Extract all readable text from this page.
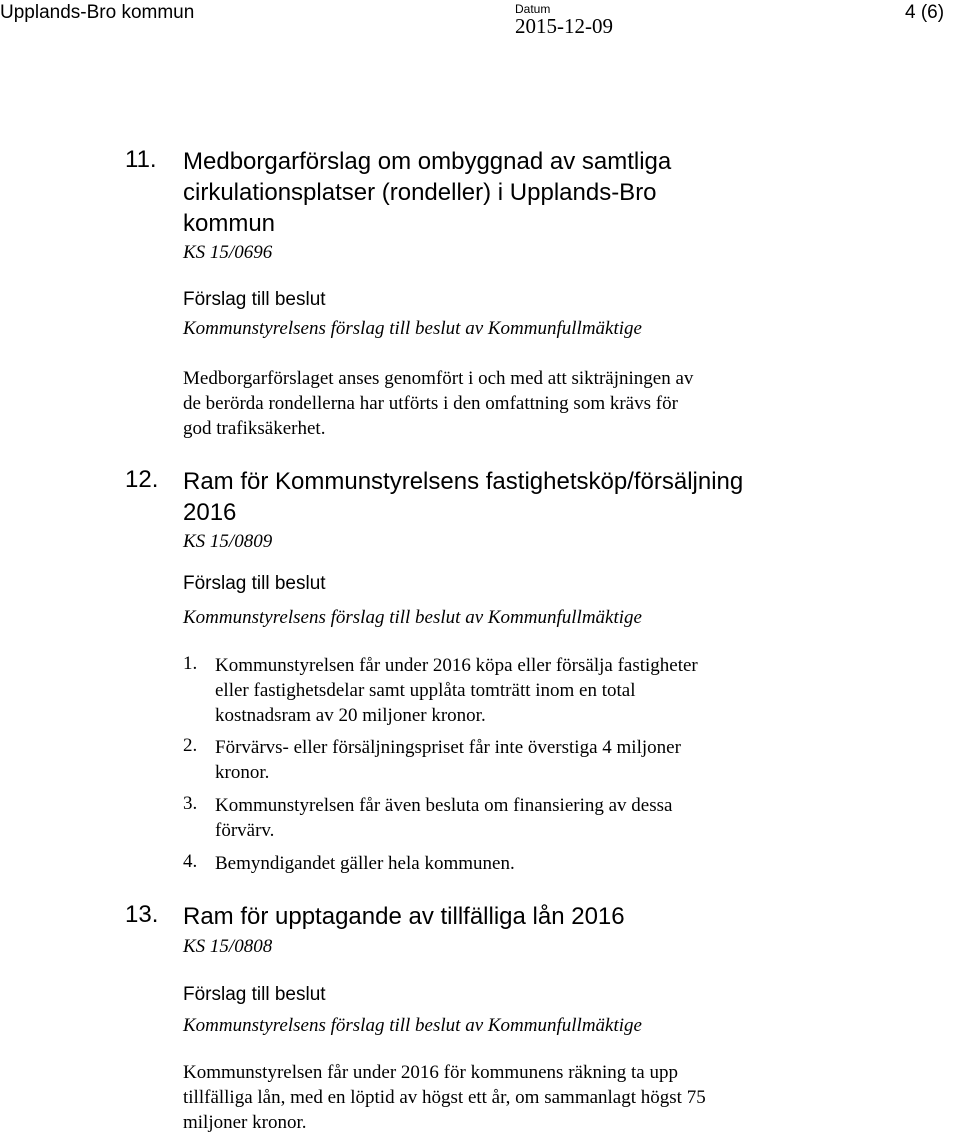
Upplands-Bro kommun	Datum
2015-12-09
4 (6)
11. Medborgarförslag om ombyggnad av samtliga
cirkulationsplatser (rondeller) i Upplands-Bro
kommun
KS 15/0696
Förslag till beslut
Kommunstyrelsens förslag till beslut av Kommunfullmäktige
Medborgarförslaget anses genomfört i och med att sikträjningen av
de berörda rondellerna har utförts i den omfattning som krävs för
god trafiksäkerhet.
12. Ram för Kommunstyrelsens fastighetsköp/försäljning
2016
KS 15/0809
Förslag till beslut
Kommunstyrelsens förslag till beslut av Kommunfullmäktige
1. Kommunstyrelsen får under 2016 köpa eller försälja fastigheter
eller fastighetsdelar samt upplåta tomträtt inom en total
kostnadsram av 20 miljoner kronor.
2. Förvärvs- eller försäljningspriset får inte överstiga 4 miljoner
kronor.
3. Kommunstyrelsen får även besluta om finansiering av dessa
förvärv.
4. Bemyndigandet gäller hela kommunen.
13. Ram för upptagande av tillfälliga lån 2016
KS 15/0808
Förslag till beslut
Kommunstyrelsens förslag till beslut av Kommunfullmäktige
Kommunstyrelsen får under 2016 för kommunens räkning ta upp
tillfälliga lån, med en löptid av högst ett år, om sammanlagt högst 75
miljoner kronor.
